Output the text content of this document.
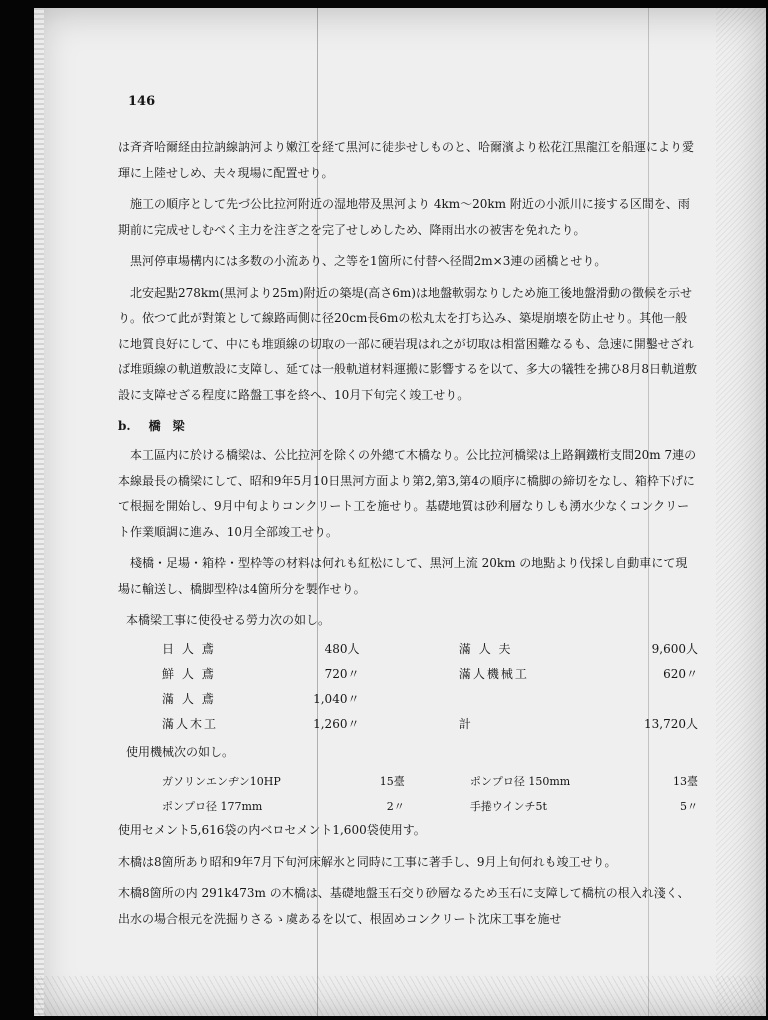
146

は斉斉哈爾経由拉訥線訥河より嫩江を経て黒河に徒歩せしものと、哈爾濱より松花江黒龍江を船運により愛琿に上陸せしめ、夫々現場に配置せり。

施工の順序として先づ公比拉河附近の湿地帯及黒河より 4km〜20km 附近の小派川に接する区間を、雨期前に完成せしむべく主力を注ぎ之を完了せしめしため、降雨出水の被害を免れたり。

黒河停車場構内には多数の小流あり、之等を1箇所に付替へ径間2m×3連の函橋とせり。

北安起點278km(黒河より25m)附近の築堤(高さ6m)は地盤軟弱なりしため施工後地盤滑動の徴候を示せり。依つて此が對策として線路両側に径20cm長6mの松丸太を打ち込み、築堤崩壊を防止せり。其他一般に地質良好にして、中にも堆頭線の切取の一部に硬岩現はれ之が切取は相當困難なるも、急速に開鑿せざれば堆頭線の軌道敷設に支障し、延ては一般軌道材料運搬に影響するを以て、多大の犠牲を拂ひ8月8日軌道敷設に支障せざる程度に路盤工事を終へ、10月下旬完く竣工せり。

b. 橋梁

本工區内に於ける橋梁は、公比拉河を除くの外總て木橋なり。公比拉河橋梁は上路鋼鐵桁支間20m 7連の本線最長の橋梁にして、昭和9年5月10日黒河方面より第2,第3,第4の順序に橋脚の締切をなし、箱枠下げにて根掘を開始し、9月中旬よりコンクリート工を施せり。基礎地質は砂利層なりしも湧水少なくコンクリート作業順調に進み、10月全部竣工せり。

棧橋・足場・箱枠・型枠等の材料は何れも紅松にして、黒河上流 20km の地點より伐採し自動車にて現場に輸送し、橋脚型枠は4箇所分を製作せり。

本橋梁工事に使役せる勞力次の如し。
日 人 鳶	480人		滿 人 夫	9,600人
鮮 人 鳶	720〃		滿人機械工	620〃
滿 人 鳶	1,040〃			
滿人木工	1,260〃		計	13,720人
使用機械次の如し。
ガソリンエンヂン10HP	15臺		ポンプロ径 150mm	13臺
ポンプロ径 177mm	2〃		手捲ウインチ5t	5〃

使用セメント5,616袋の内ベロセメント1,600袋使用す。

木橋は8箇所あり昭和9年7月下旬河床解氷と同時に工事に著手し、9月上旬何れも竣工せり。

木橋8箇所の内 291k473m の木橋は、基礎地盤玉石交り砂層なるため玉石に支障して橋杭の根入れ淺く、出水の場合根元を洗掘りさるゝ虞あるを以て、根固めコンクリート沈床工事を施せ
